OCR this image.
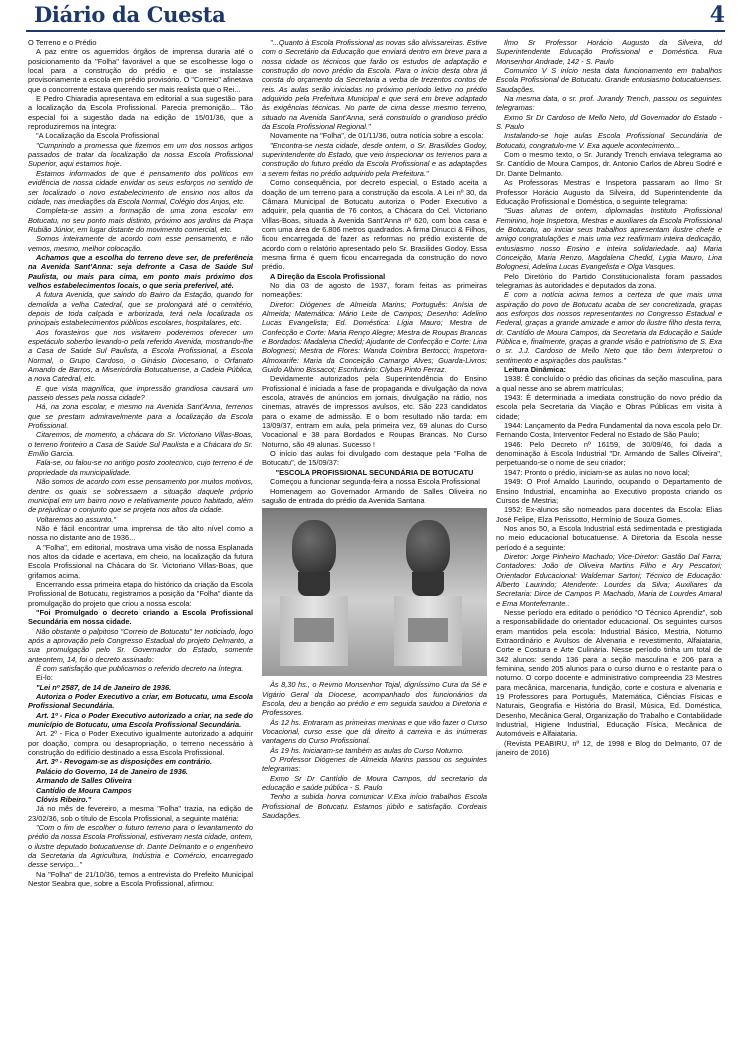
Diário da Cuesta	4

O Terreno e o Prédio

A paz entre os aguerridos órgãos de imprensa duraria até o posicionamento da "Folha" favorável a que se escolhesse logo o local para a construção do prédio e que se instalasse provisoriamente a escola em prédio provisório. O "Correio" afinetava que o concorrente estava querendo ser mais realista que o Rei...

E Pedro Chiaradia apresentava em editorial a sua sugestão para a localização da Escola Profissional. Parecia premonição... Tão especial foi a sugestão dada na edição de 15/01/36, que a reproduziremos na íntegra:

"A Localização da Escola Profissional

"Cumprindo a promessa que fizemos em um dos nossos artigos passados de tratar da localização da nossa Escola Profissional Superior, aqui estamos hoje.

Estamos informados de que é pensamento dos políticos em evidência de nossa cidade envidar os seus esforços no sentido de ser localizado o novo estabelecimento de ensino nos altos da cidade, nas imediações da Escola Normal, Colégio dos Anjos, etc.

Completa-se assim a formação de uma zona escolar em Botucatu, no seu ponto mais distinto, próximo aos jardins da Praça Rubião Júnior, em lugar distante do movimento comercial, etc.

Somos inteiramente de acordo com esse pensamento, e não vemos, mesmo, melhor colocação.

Achamos que a escolha do terreno deve ser, de preferência na Avenida Sant'Anna: seja defronte a Casa de Saúde Sul Paulista, ou mais para cima, em ponto mais próximo dos velhos estabelecimentos locais, o que seria preferível, até.

A futura Avenida, que saindo do Bairro da Estação, quando for demolida a velha Catedral, que se prolongará até o cemitério, depois de toda calçada e arborizada, terá nela localizada os principais estabelecimentos públicos escolares, hospitalares, etc.

Aos forasteiros que nos visitarem poderemos oferecer um espetáculo soberbo levando-o pela referido Avenida, mostrando-lhe a Casa de Saúde Sul Paulista, a Escola Profissional, a Escola Normal, o Grupo Cardoso, o Ginásio Diocesano, o Orfanato Amando de Barros, a Misericórdia Botucatuense, a Cadeia Pública, a nova Catedral, etc.

E que vista magnífica, que impressão grandiosa causará um passeio desses pela nossa cidade?

Há, na zona escolar, e mesmo na Avenida Sant'Anna, terrenos que se prestam admiravelmente para a localização da Escola Profissional.

Citaremos, de momento, a chácara do Sr. Victoriano Villas-Boas, o terreno fronteiro a Casa de Saúde Sul Paulista e a Chácara do Sr. Emílio Garcia.

Fala-se, ou falou-se no antigo posto zootecnico, cujo terreno é de propriedade da municipalidade.

Não somos de acordo com esse pensamento por muitos motivos, dentre os quais se sobressaem a situação daquele próprio municipal em um bairro novo e relativamente pouco habitado, além de prejudicar o conjunto que se projeta nos altos da cidade.

Voltaremos ao assunto."

Não é fácil encontrar uma imprensa de tão alto nível como a nossa no distante ano de 1936...

A "Folha", em editorial, mostrava uma visão de nossa Esplanada nos altos da cidade e acertava, em cheio, na localização da futura Escola Profissional na Chácara do Sr. Victoriano Villas-Boas, que grifamos acima.

Encerrando essa primeira etapa do histórico da criação da Escola Profissional de Botucatu, registramos a posição da "Folha" diante da promulgação do projeto que criou a nossa escola:

"Foi Promulgado o decreto criando a Escola Profissional Secundária em nossa cidade.

Não obstante o palpitoso "Correio de Botucatu" ter noticiado, logo após a aprovação pelo Congresso Estadual do projeto Delmanto, a sua promulgação pelo Sr. Governador do Estado, somente anteontem, 14, foi o decreto assinado:

É com satisfação que publicamos o referido decreto na íntegra.

Ei-lo:

"Lei nº 2587, de 14 de Janeiro de 1936.

Autoriza o Poder Executivo a criar, em Botucatu, uma Escola Profissional Secundária.

Art. 1º - Fica o Poder Executivo autorizado a criar, na sede do município de Botucatu, uma Escola Profissional Secundária.

Art. 2º - Fica o Poder Executivo igualmente autorizado a adquirir por doação, compra ou desapropriação, o terreno necessário à construção do edifício destinado a essa Escola Profissional.

Art. 3º - Revogam-se as disposições em contrário.

Palácio do Governo, 14 de Janeiro de 1936.

Armando de Salles Oliveira

Cantídio de Moura Campos

Clóvis Ribeiro."

Já no mês de fevereiro, a mesma "Folha" trazia, na edição de 23/02/36, sob o título de Escola Profissional, a seguinte matéria:

"Com o fim de escolher o futuro terreno para o levantamento do prédio da nossa Escola Profissional, estiveram nesta cidade, ontem, o ilustre deputado botucatuense dr. Dante Delmanto e o engenheiro da Secretaria da Agricultura, Indústria e Comércio, encarregado desse serviço..."

Na "Folha" de 21/10/36, temos a entrevista do Prefeito Municipal Nestor Seabra que, sobre a Escola Profissional, afirmou:

"...Quanto à Escola Profissional as novas são alvissareiras. Estive com o Secretário da Educação que enviará dentro em breve para a nossa cidade os técnicos que farão os estudos de adaptação e construção do novo prédio da Escola. Para o início desta obra já consta do orçamento da Secretaria a verba de trezentos contos de reis. As aulas serão iniciadas no próximo período letivo no prédio adquirido pela Prefeitura Municipal e que será em breve adaptado às exigências técnicas. No parte de cima desse mesmo terreno, situado na Avenida Sant'Anna, será construído o grandioso prédio da Escola Profissional Regional."

Novamente na "Folha", de 01/11/36, outra notícia sobre a escola:

"Encontra-se nesta cidade, desde ontem, o Sr. Brasilides Godoy, superintendente do Estado, que veio inspecionar os terrenos para a construção do futuro prédio da Escola Profissional e as adaptações a serem feitas no prédio adquirido pela Prefeitura."

Como consequência, por decreto especial, o Estado aceita a doação de um terreno para a construção da escola. A Lei nº 30, da Câmara Municipal de Botucatu autoriza o Poder Executivo a adquirir, pela quantia de 76 contos, a Chácara do Cel. Victoriano Villas-Boas, situada à Avenida Sant'Anna nº 620, com boa casa e com uma área de 6.806 metros quadrados. A firma Dinucci & Filhos, ficou encarregada de fazer as reformas no prédio existente de acordo com o relatório apresentado pelo Sr. Brasilides Godoy. Essa mesma firma é quem ficou encarregada da construção do novo prédio.

A Direção da Escola Profissional

No dia 03 de agosto de 1937, foram feitas as primeiras nomeações:

Diretor: Diógenes de Almeida Marins; Português: Anísia de Almeida; Matemática: Mário Leite de Campos; Desenho: Adelino Lucas Evangelista; Ed. Doméstica: Lígia Mauro; Mestra de Confecção e Corte: Maria Renço Alegre; Mestra de Roupas Brancas e Bordados: Madalena Chedid; Ajudante de Confecção e Corte: Lina Bolognesi; Mestra de Flores: Wanda Coimbra Bertocci; Inspetora-Almoxarife: Maria da Conceição Camargo Alves; Guarda-Livros: Guido Albino Bissacot; Escriturário: Clybas Pinto Ferraz.

Devidamente autorizados pela Superintendência do Ensino Profissional é iniciada a fase de propaganda e divulgação da nova escola, através de anúncios em jornais, divulgação na rádio, nos cinemas, através de impressos avulsos, etc. São 223 candidatos para o exame de admissão. E o bom resultado não tarda: em 13/09/37, entram em aula, pela primeira vez, 69 alunas do Curso Vocacional e 38 para Bordados e Roupas Brancas. No Curso Noturno, são 49 alunas. Sucesso !

O início das aulas foi divulgado com destaque pela "Folha de Botucatu", de 15/09/37:

"ESCOLA PROFISSIONAL SECUNDÁRIA DE BOTUCATU

Começou a funcionar segunda-feira a nossa Escola Profissional

Homenagem ao Governador Armando de Salles Oliveira no saguão de entrada do prédio da Avenida Santana

Às 8,30 hs., o Revmo Monsenhor Tojal, digníssimo Cura da Sé e Vigário Geral da Diocese, acompanhado dos funcionários da Escola, deu a benção ao prédio e em seguida saudou a Diretoria e Professores.

Às 12 hs. Entraram as primeiras meninas e que vão fazer o Curso Vocacional, curso esse que dá direito à carreira e às inúmeras vantagens do Curso Profissional.

Às 19 hs. Iniciaram-se também as aulas do Curso Noturno.

O Professor Diógenes de Almeida Marins passou os seguintes telegramas:

Exmo Sr Dr Cantídio de Moura Campos, dd secretario da educação e saúde pública - S. Paulo

Tenho a subida honra comunicar V.Exa início trabalhos Escola Profissional de Botucatu. Estamos júbilo e satisfação. Cordeais Saudações.

Ilmo Sr Professor Horácio Augusto da Silveira, dd Superintendente Educação Profissional e Doméstica. Rua Monsenhor Andrade, 142 - S. Paulo

Comunico V S início nesta data funcionamento em trabalhos Escola Profissional de Botucatu. Grande entusiasmo botucatuenses. Saudações.

Na mesma data, o sr. prof. Jurandy Trench, passou os seguintes telegramas:

Exmo Sr Dr Cardoso de Mello Neto, dd Governador do Estado - S. Paulo

Instalando-se hoje aulas Escola Profissional Secundária de Botucatu, congratulo-me V. Exa aquele acontecimento...

Com o mesmo texto, o Sr. Jurandy Trench enviava telegrama ao Sr. Cantídio de Moura Campos, dr. Antonio Carlos de Abreu Sodré e Dr. Dante Delmanto.

As Professoras Mestras e Inspetora passaram ao Ilmo Sr Professor Horácio Augusto da Silveira, dd Superintendente da Educação Profissional e Doméstica, o seguinte telegrama:

"Suas alunas de ontem, diplomadas Instituto Profissional Feminino, hoje Inspetora, Mestras e auxiliares da Escola Profissional de Botucatu, ao iniciar seus trabalhos apresentam ilustre chefe e amigo congratulações e mais uma vez reafirmam inteira dedicação, entusiasmo nosso Ensino e inteira solidariedade. aa) Maria Conceição, Maria Renzo, Magdalena Chedid, Lygia Mauro, Lina Bolognesi, Adelina Lucas Evangelista e Olga Vasques.

Pelo Diretório do Partido Constitucionalista foram passados telegramas às autoridades e deputados da zona.

E com a notícia acima temos a certeza de que mais uma aspiração do povo de Botucatu acaba de ser concretizada, graças aos esforços dos nossos representantes no Congresso Estadual e Federal, graças a grande amizade e amor do ilustre filho desta terra, dr. Cantídio de Moura Campos, da Secretaria da Educação e Saúde Pública e, finalmente, graças a grande visão e patriotismo de S. Exa o sr. J.J. Cardoso de Mello Neto que tão bem interpretou o sentimento e aspirações dos paulistas."

Leitura Dinâmica:

1938: É concluído o prédio das oficinas da seção masculina, para a qual nesse ano se abrem matrículas;

1943: É determinada a imediata construção do novo prédio da escola pela Secretaria da Viação e Obras Públicas em visita à cidade;

1944: Lançamento da Pedra Fundamental da nova escola pelo Dr. Fernando Costa, Interventor Federal no Estado de São Paulo;

1946: Pelo Decreto nº 16159, de 30/09/46, foi dada a denominação à Escola Industrial "Dr. Armando de Salles Oliveira", perpetuando-se o nome de seu criador;

1947: Pronto o prédio, iniciam-se as aulas no novo local;

1949: O Prof Arnaldo Laurindo, ocupando o Departamento de Ensino Industrial, encaminha ao Executivo proposta criando os Cursos de Mestria;

1952: Ex-alunos são nomeados para docentes da Escola: Elias José Felipe, Elza Perissotto, Hermínio de Souza Gomes.

Nos anos 50, a Escola Industrial está sedimentada e prestigiada no meio educacional botucatuense. A Diretoria da Escola nesse período é a seguinte:

Diretor: Jorge Pinheiro Machado; Vice-Diretor: Gastão Dal Farra; Contadores: João de Oliveira Martins Filho e Ary Pescatori; Orientador Educacional: Waldemar Sartori; Técnico de Educação: Alberto Laurindo; Atendente: Lourdes da Silva; Auxiliares da Secretaria: Dirce de Campos P. Machado, Maria de Lourdes Amaral e Ema Monteferrante..

Nesse período era editado o periódico "O Técnico Aprendiz", sob a responsabilidade do orientador educacional. Os seguintes cursos eram mantidos pela escola: Industrial Básico, Mestria, Noturno Extraordinário e Avulsos de Alvenaria e revestimento, Alfaiataria, Corte e Costura e Arte Culinária. Nesse período tinha um total de 342 alunos: sendo 136 para a seção masculina e 206 para a feminina, sendo 205 alunos para o curso diurno e o restante para o noturno. O corpo docente e administrativo compreendia 23 Mestres para mecânica, marcenaria, fundição, corte e costura e alvenaria e 19 Professores para Português, Matemática, Ciências Físicas e Naturais, Geografia e História do Brasil, Música, Ed. Doméstica, Desenho, Mecânica Geral, Organização do Trabalho e Contabilidade Industrial, Higiene Industrial, Educação Física, Mecânica de Automóveis e Alfaiataria.

(Revista PEABIRU, nº 12, de 1998 e Blog do Delmanto, 07 de janeiro de 2016)
